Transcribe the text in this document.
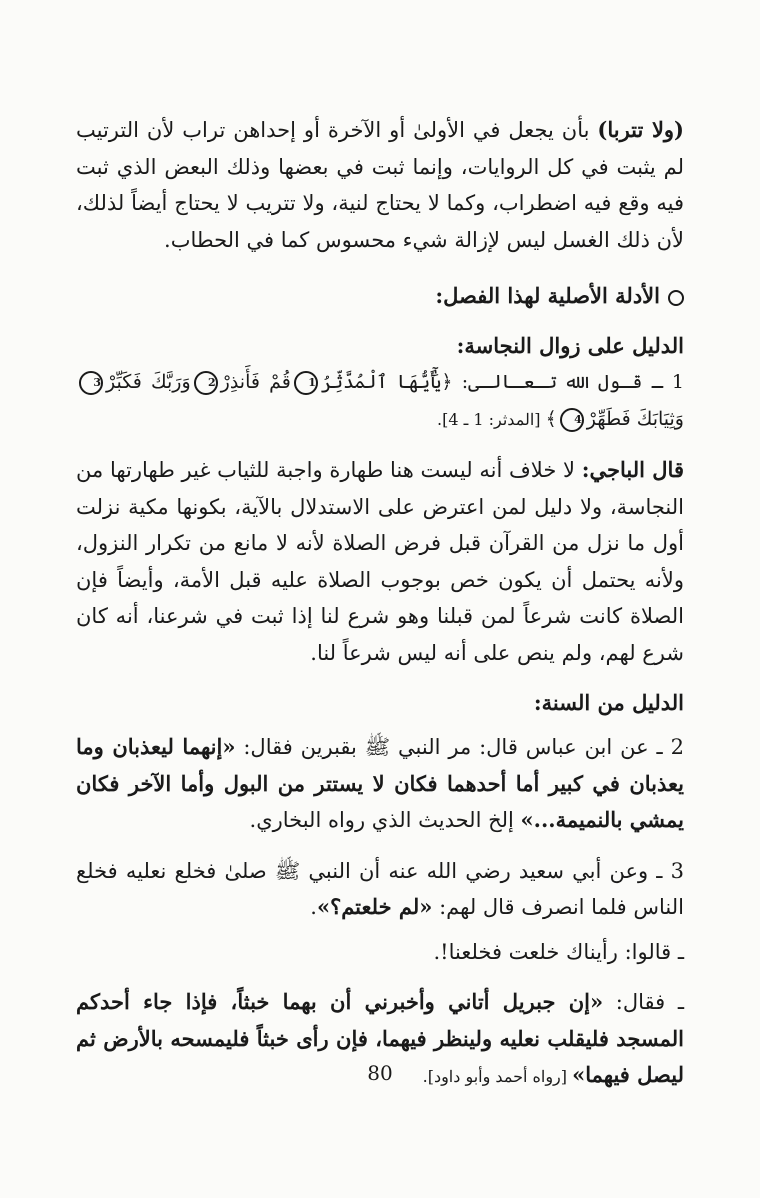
(ولا تتربا) بأن يجعل في الأولىٰ أو الآخرة أو إحداهن تراب لأن الترتيب لم يثبت في كل الروايات، وإنما ثبت في بعضها وذلك البعض الذي ثبت فيه وقع فيه اضطراب، وكما لا يحتاج لنية، ولا تتريب لا يحتاج أيضاً لذلك، لأن ذلك الغسل ليس لإزالة شيء محسوس كما في الحطاب.

الأدلة الأصلية لهذا الفصل:
الدليل على زوال النجاسة:

1 ـ قـول الله تـعـالـى: ﴿يَٰٓأَيُّهَا ٱلْمُدَّثِّرُ1قُمْ فَأَنذِرْ2وَرَبَّكَ فَكَبِّرْ3وَثِيَابَكَ فَطَهِّرْ4﴾ [المدثر: 1 ـ 4].

قال الباجي: لا خلاف أنه ليست هنا طهارة واجبة للثياب غير طهارتها من النجاسة، ولا دليل لمن اعترض على الاستدلال بالآية، بكونها مكية نزلت أول ما نزل من القرآن قبل فرض الصلاة لأنه لا مانع من تكرار النزول، ولأنه يحتمل أن يكون خص بوجوب الصلاة عليه قبل الأمة، وأيضاً فإن الصلاة كانت شرعاً لمن قبلنا وهو شرع لنا إذا ثبت في شرعنا، أنه كان شرع لهم، ولم ينص على أنه ليس شرعاً لنا.

الدليل من السنة:

2 ـ عن ابن عباس قال: مر النبي ﷺ بقبرين فقال: «إنهما ليعذبان وما يعذبان في كبير أما أحدهما فكان لا يستتر من البول وأما الآخر فكان يمشي بالنميمة...» إلخ الحديث الذي رواه البخاري.

3 ـ وعن أبي سعيد رضي الله عنه أن النبي ﷺ صلىٰ فخلع نعليه فخلع الناس فلما انصرف قال لهم: «لم خلعتم؟».

ـ قالوا: رأيناك خلعت فخلعنا!.

ـ فقال: «إن جبريل أتاني وأخبرني أن بهما خبثاً، فإذا جاء أحدكم المسجد فليقلب نعليه ولينظر فيهما، فإن رأى خبثاً فليمسحه بالأرض ثم ليصل فيهما» [رواه أحمد وأبو داود].

80
